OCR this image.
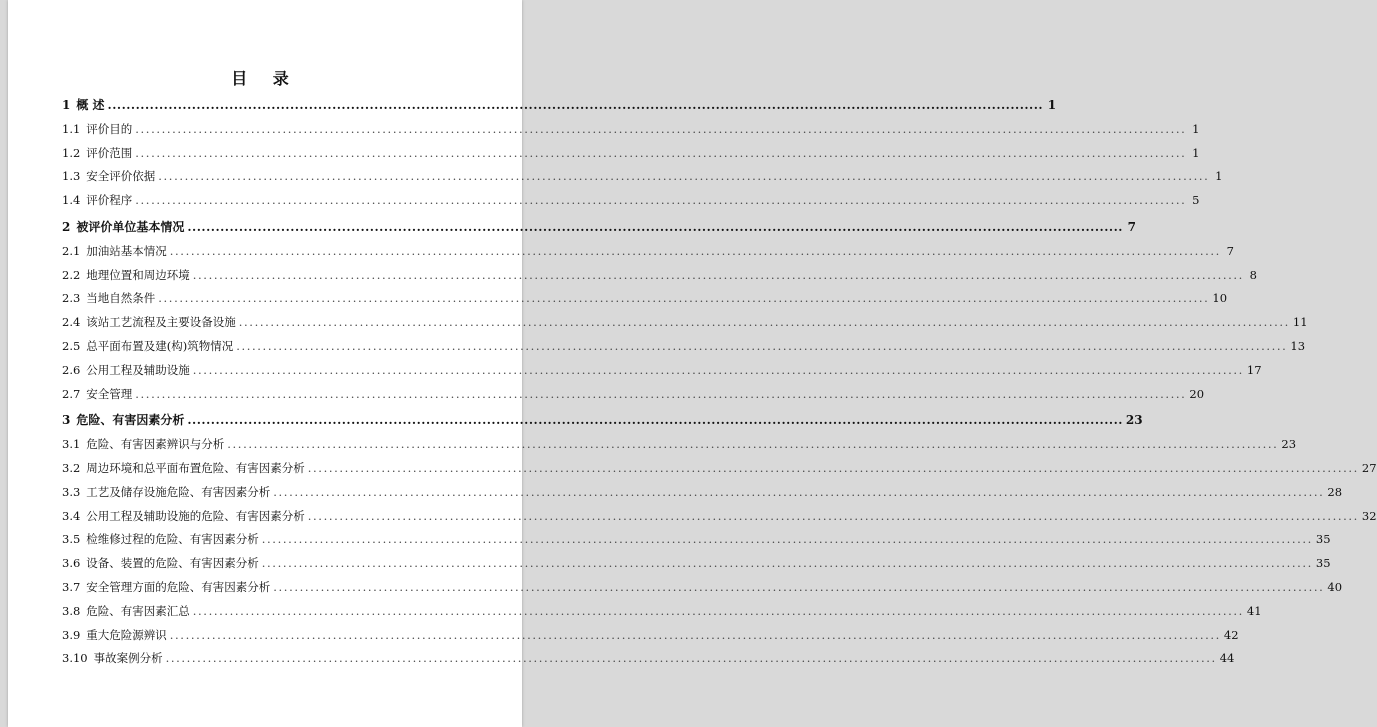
目 录
1 概 述 ........................................................................................................................................................................................................ 1
1.1 评价目的 ........................................................................................................................................................................................................ 1
1.2 评价范围 ........................................................................................................................................................................................................ 1
1.3 安全评价依据 ........................................................................................................................................................................................................ 1
1.4 评价程序 ........................................................................................................................................................................................................ 5
2 被评价单位基本情况 ........................................................................................................................................................................................................ 7
2.1 加油站基本情况 ........................................................................................................................................................................................................ 7
2.2 地理位置和周边环境 ........................................................................................................................................................................................................ 8
2.3 当地自然条件 ........................................................................................................................................................................................................ 10
2.4 该站工艺流程及主要设备设施 ........................................................................................................................................................................................................ 11
2.5 总平面布置及建(构)筑物情况 ........................................................................................................................................................................................................ 13
2.6 公用工程及辅助设施 ........................................................................................................................................................................................................ 17
2.7 安全管理 ........................................................................................................................................................................................................ 20
3 危险、有害因素分析 ........................................................................................................................................................................................................ 23
3.1 危险、有害因素辨识与分析 ........................................................................................................................................................................................................ 23
3.2 周边环境和总平面布置危险、有害因素分析 ........................................................................................................................................................................................................ 27
3.3 工艺及储存设施危险、有害因素分析 ........................................................................................................................................................................................................ 28
3.4 公用工程及辅助设施的危险、有害因素分析 ........................................................................................................................................................................................................ 32
3.5 检维修过程的危险、有害因素分析 ........................................................................................................................................................................................................ 35
3.6 设备、装置的危险、有害因素分析 ........................................................................................................................................................................................................ 35
3.7 安全管理方面的危险、有害因素分析 ........................................................................................................................................................................................................ 40
3.8 危险、有害因素汇总 ........................................................................................................................................................................................................ 41
3.9 重大危险源辨识 ........................................................................................................................................................................................................ 42
3.10 事故案例分析 ........................................................................................................................................................................................................ 44
